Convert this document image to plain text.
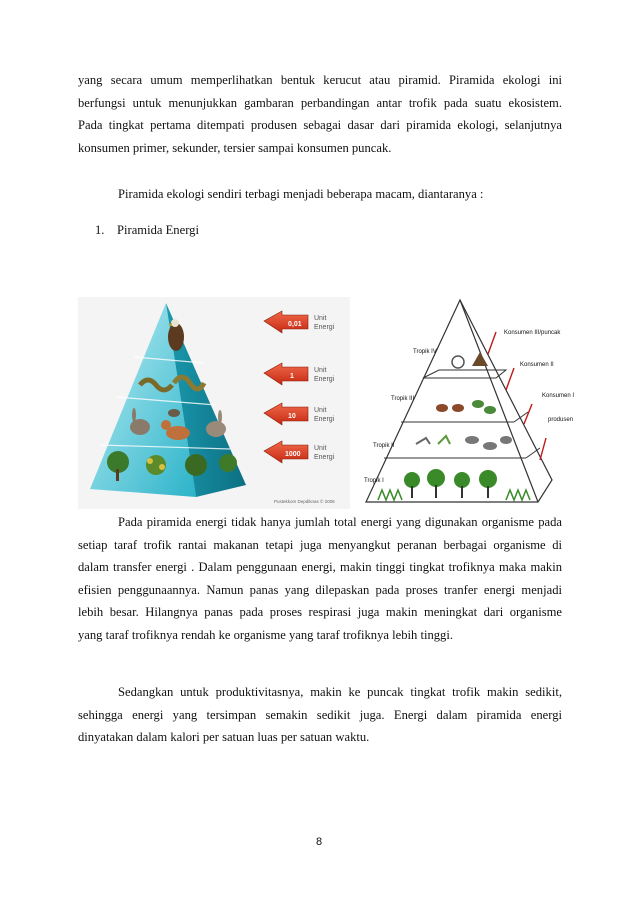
yang secara umum memperlihatkan bentuk kerucut atau piramid. Piramida ekologi ini
berfungsi untuk menunjukkan gambaran perbandingan antar trofik pada suatu ekosistem.
Pada tingkat pertama ditempati produsen sebagai dasar dari piramida ekologi, selanjutnya
konsumen primer, sekunder, tersier sampai konsumen puncak.
Piramida ekologi sendiri terbagi menjadi beberapa macam, diantaranya :
1. Piramida Energi
0,01
Unit
Energi
1
Unit
Energi
10
Unit
Energi
1000
Unit
Energi
Pustekkom Depdiknas © 2008
Tropik IV
Tropik III
Tropik II
Tropik I
Konsumen III/puncak
Konsumen II
Konsumen I
produsen
Pada piramida energi tidak hanya jumlah total energi yang digunakan organisme pada
setiap taraf trofik rantai makanan tetapi juga menyangkut peranan berbagai organisme di
dalam transfer energi . Dalam penggunaan energi, makin tinggi tingkat trofiknya maka makin
efisien penggunaannya. Namun panas yang dilepaskan pada proses tranfer energi menjadi
lebih besar. Hilangnya panas pada proses respirasi juga makin meningkat dari organisme
yang taraf trofiknya rendah ke organisme yang taraf trofiknya lebih tinggi.
Sedangkan untuk produktivitasnya, makin ke puncak tingkat trofik makin sedikit,
sehingga energi yang tersimpan semakin sedikit juga. Energi dalam piramida energi
dinyatakan dalam kalori per satuan luas per satuan waktu.
8
